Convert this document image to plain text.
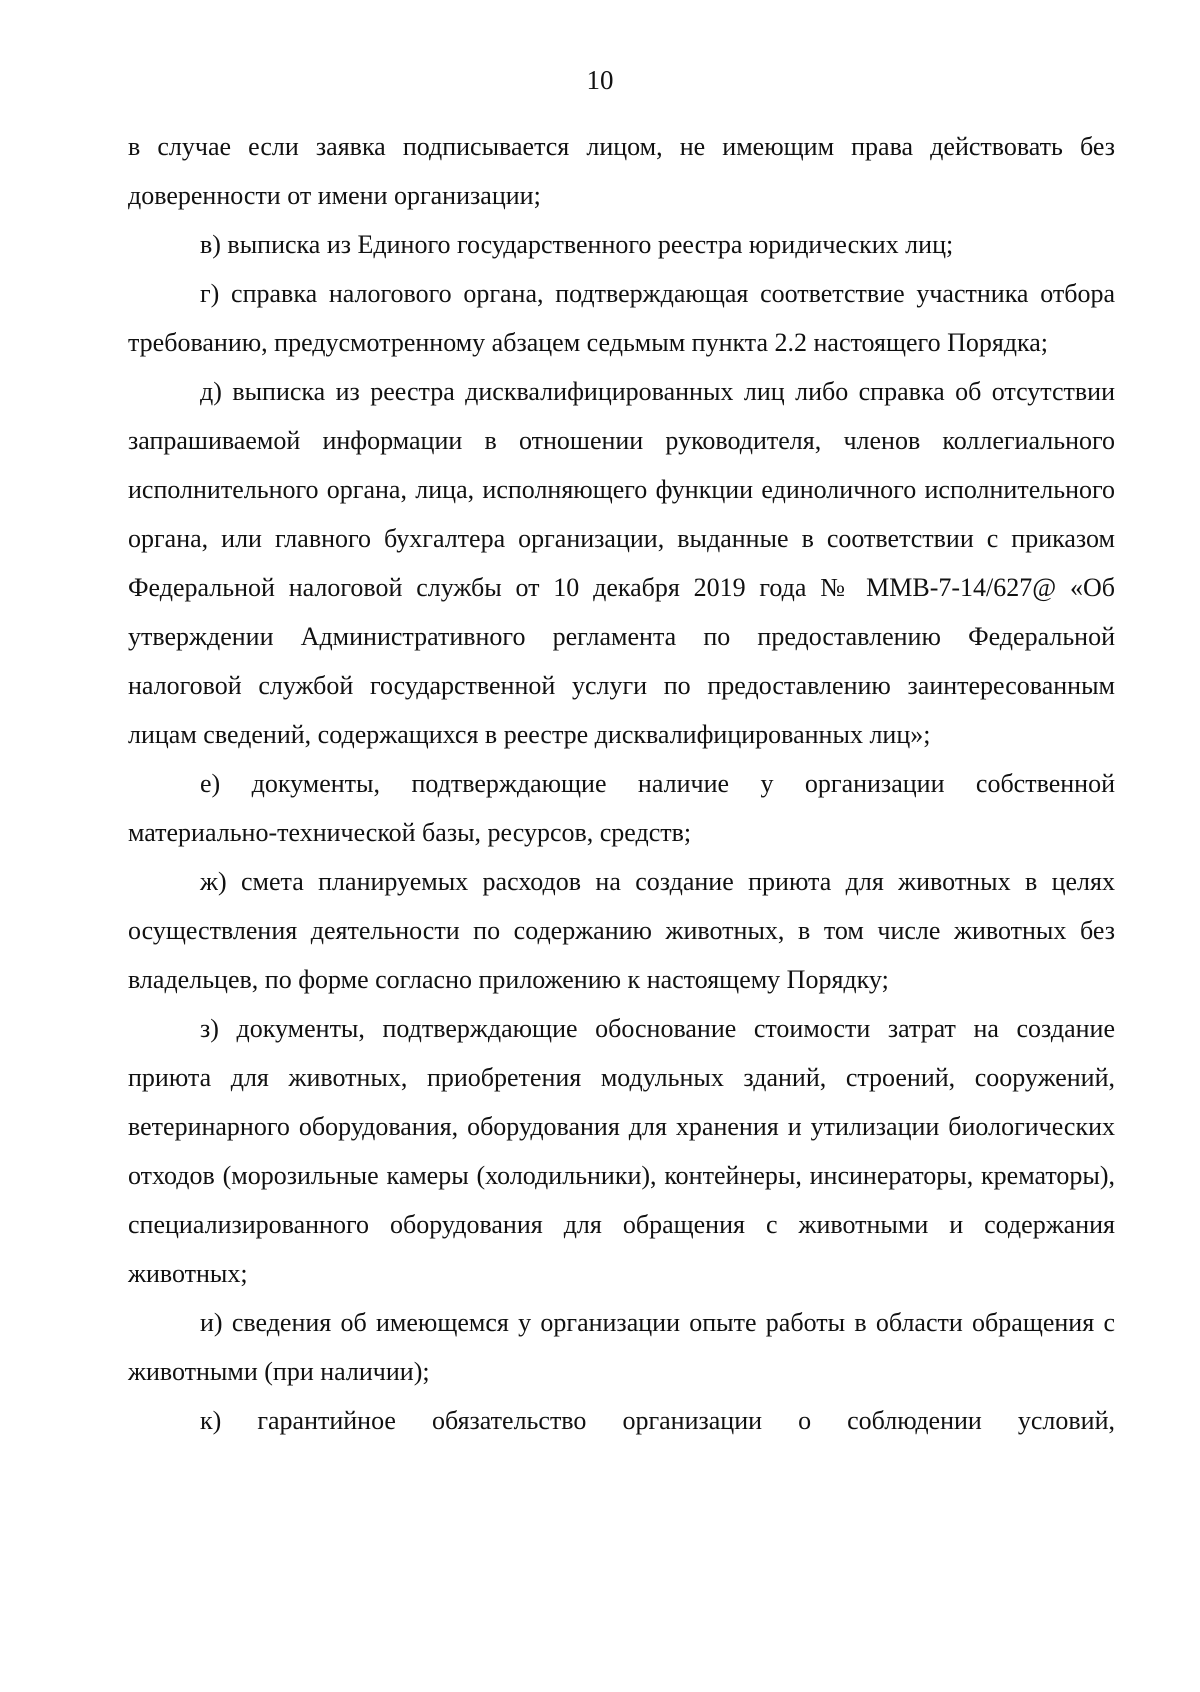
10

в случае если заявка подписывается лицом, не имеющим права действовать без доверенности от имени организации;

в) выписка из Единого государственного реестра юридических лиц;

г) справка налогового органа, подтверждающая соответствие участника отбора требованию, предусмотренному абзацем седьмым пункта 2.2 настоящего Порядка;

д) выписка из реестра дисквалифицированных лиц либо справка об отсутствии запрашиваемой информации в отношении руководителя, членов коллегиального исполнительного органа, лица, исполняющего функции единоличного исполнительного органа, или главного бухгалтера организации, выданные в соответствии с приказом Федеральной налоговой службы от 10 декабря 2019 года № ММВ-7-14/627@ «Об утверждении Административного регламента по предоставлению Федеральной налоговой службой государственной услуги по предоставлению заинтересованным лицам сведений, содержащихся в реестре дисквалифицированных лиц»;

е) документы, подтверждающие наличие у организации собственной материально-технической базы, ресурсов, средств;

ж) смета планируемых расходов на создание приюта для животных в целях осуществления деятельности по содержанию животных, в том числе животных без владельцев, по форме согласно приложению к настоящему Порядку;

з) документы, подтверждающие обоснование стоимости затрат на создание приюта для животных, приобретения модульных зданий, строений, сооружений, ветеринарного оборудования, оборудования для хранения и утилизации биологических отходов (морозильные камеры (холодильники), контейнеры, инсинераторы, крематоры), специализированного оборудования для обращения с животными и содержания животных;

и) сведения об имеющемся у организации опыте работы в области обращения с животными (при наличии);

к) гарантийное обязательство организации о соблюдении условий,
